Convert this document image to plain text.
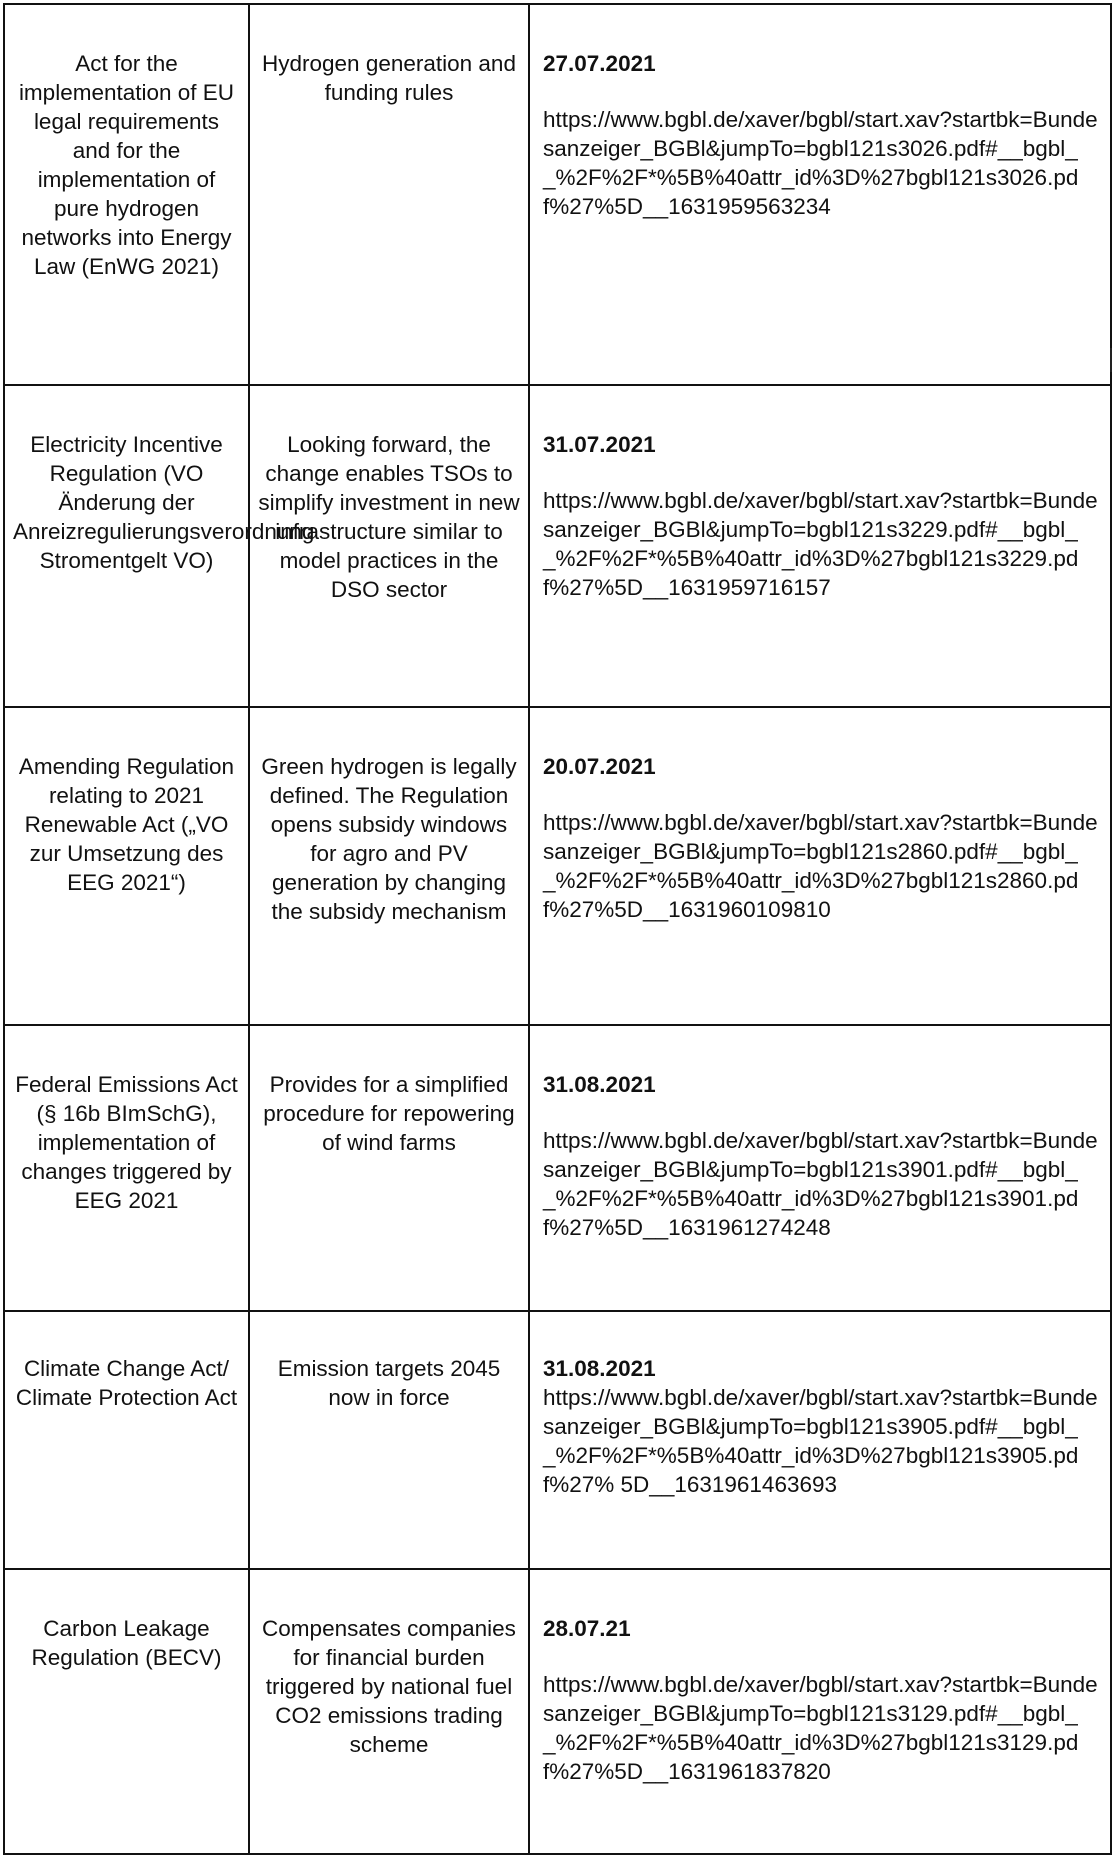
Act for the implementation of EU legal requirements and for the implementation of pure hydrogen networks into Energy Law (EnWG 2021)	Hydrogen generation and funding rules	27.07.2021
https://www.bgbl.de/xaver/bgbl/start.xav?startbk=Bundesanzeiger_BGBl&jumpTo=bgbl121s3026.pdf#__bgbl__%2F%2F*%5B%40attr_id%3D%27bgbl121s3026.pdf%27%5D__1631959563234

Electricity Incentive Regulation (VO Änderung der Anreizregulierungsverordnung Stromentgelt VO)	Looking forward, the change enables TSOs to simplify investment in new infrastructure similar to model practices in the DSO sector	31.07.2021
https://www.bgbl.de/xaver/bgbl/start.xav?startbk=Bundesanzeiger_BGBl&jumpTo=bgbl121s3229.pdf#__bgbl__%2F%2F*%5B%40attr_id%3D%27bgbl121s3229.pdf%27%5D__1631959716157

Amending Regulation relating to 2021 Renewable Act („VO zur Umsetzung des EEG 2021“)	Green hydrogen is legally defined. The Regulation opens subsidy windows for agro and PV generation by changing the subsidy mechanism	20.07.2021
https://www.bgbl.de/xaver/bgbl/start.xav?startbk=Bundesanzeiger_BGBl&jumpTo=bgbl121s2860.pdf#__bgbl__%2F%2F*%5B%40attr_id%3D%27bgbl121s2860.pdf%27%5D__1631960109810

Federal Emissions Act (§ 16b BImSchG), implementation of changes triggered by EEG 2021	Provides for a simplified procedure for repowering of wind farms	31.08.2021
https://www.bgbl.de/xaver/bgbl/start.xav?startbk=Bundesanzeiger_BGBl&jumpTo=bgbl121s3901.pdf#__bgbl__%2F%2F*%5B%40attr_id%3D%27bgbl121s3901.pdf%27%5D__1631961274248

Climate Change Act/ Climate Protection Act	Emission targets 2045 now in force	31.08.2021
https://www.bgbl.de/xaver/bgbl/start.xav?startbk=Bundesanzeiger_BGBl&jumpTo=bgbl121s3905.pdf#__bgbl__%2F%2F*%5B%40attr_id%3D%27bgbl121s3905.pdf%27% 5D__1631961463693

Carbon Leakage Regulation (BECV)	Compensates companies for financial burden triggered by national fuel CO2 emissions trading scheme	28.07.21
https://www.bgbl.de/xaver/bgbl/start.xav?startbk=Bundesanzeiger_BGBl&jumpTo=bgbl121s3129.pdf#__bgbl__%2F%2F*%5B%40attr_id%3D%27bgbl121s3129.pdf%27%5D__1631961837820
